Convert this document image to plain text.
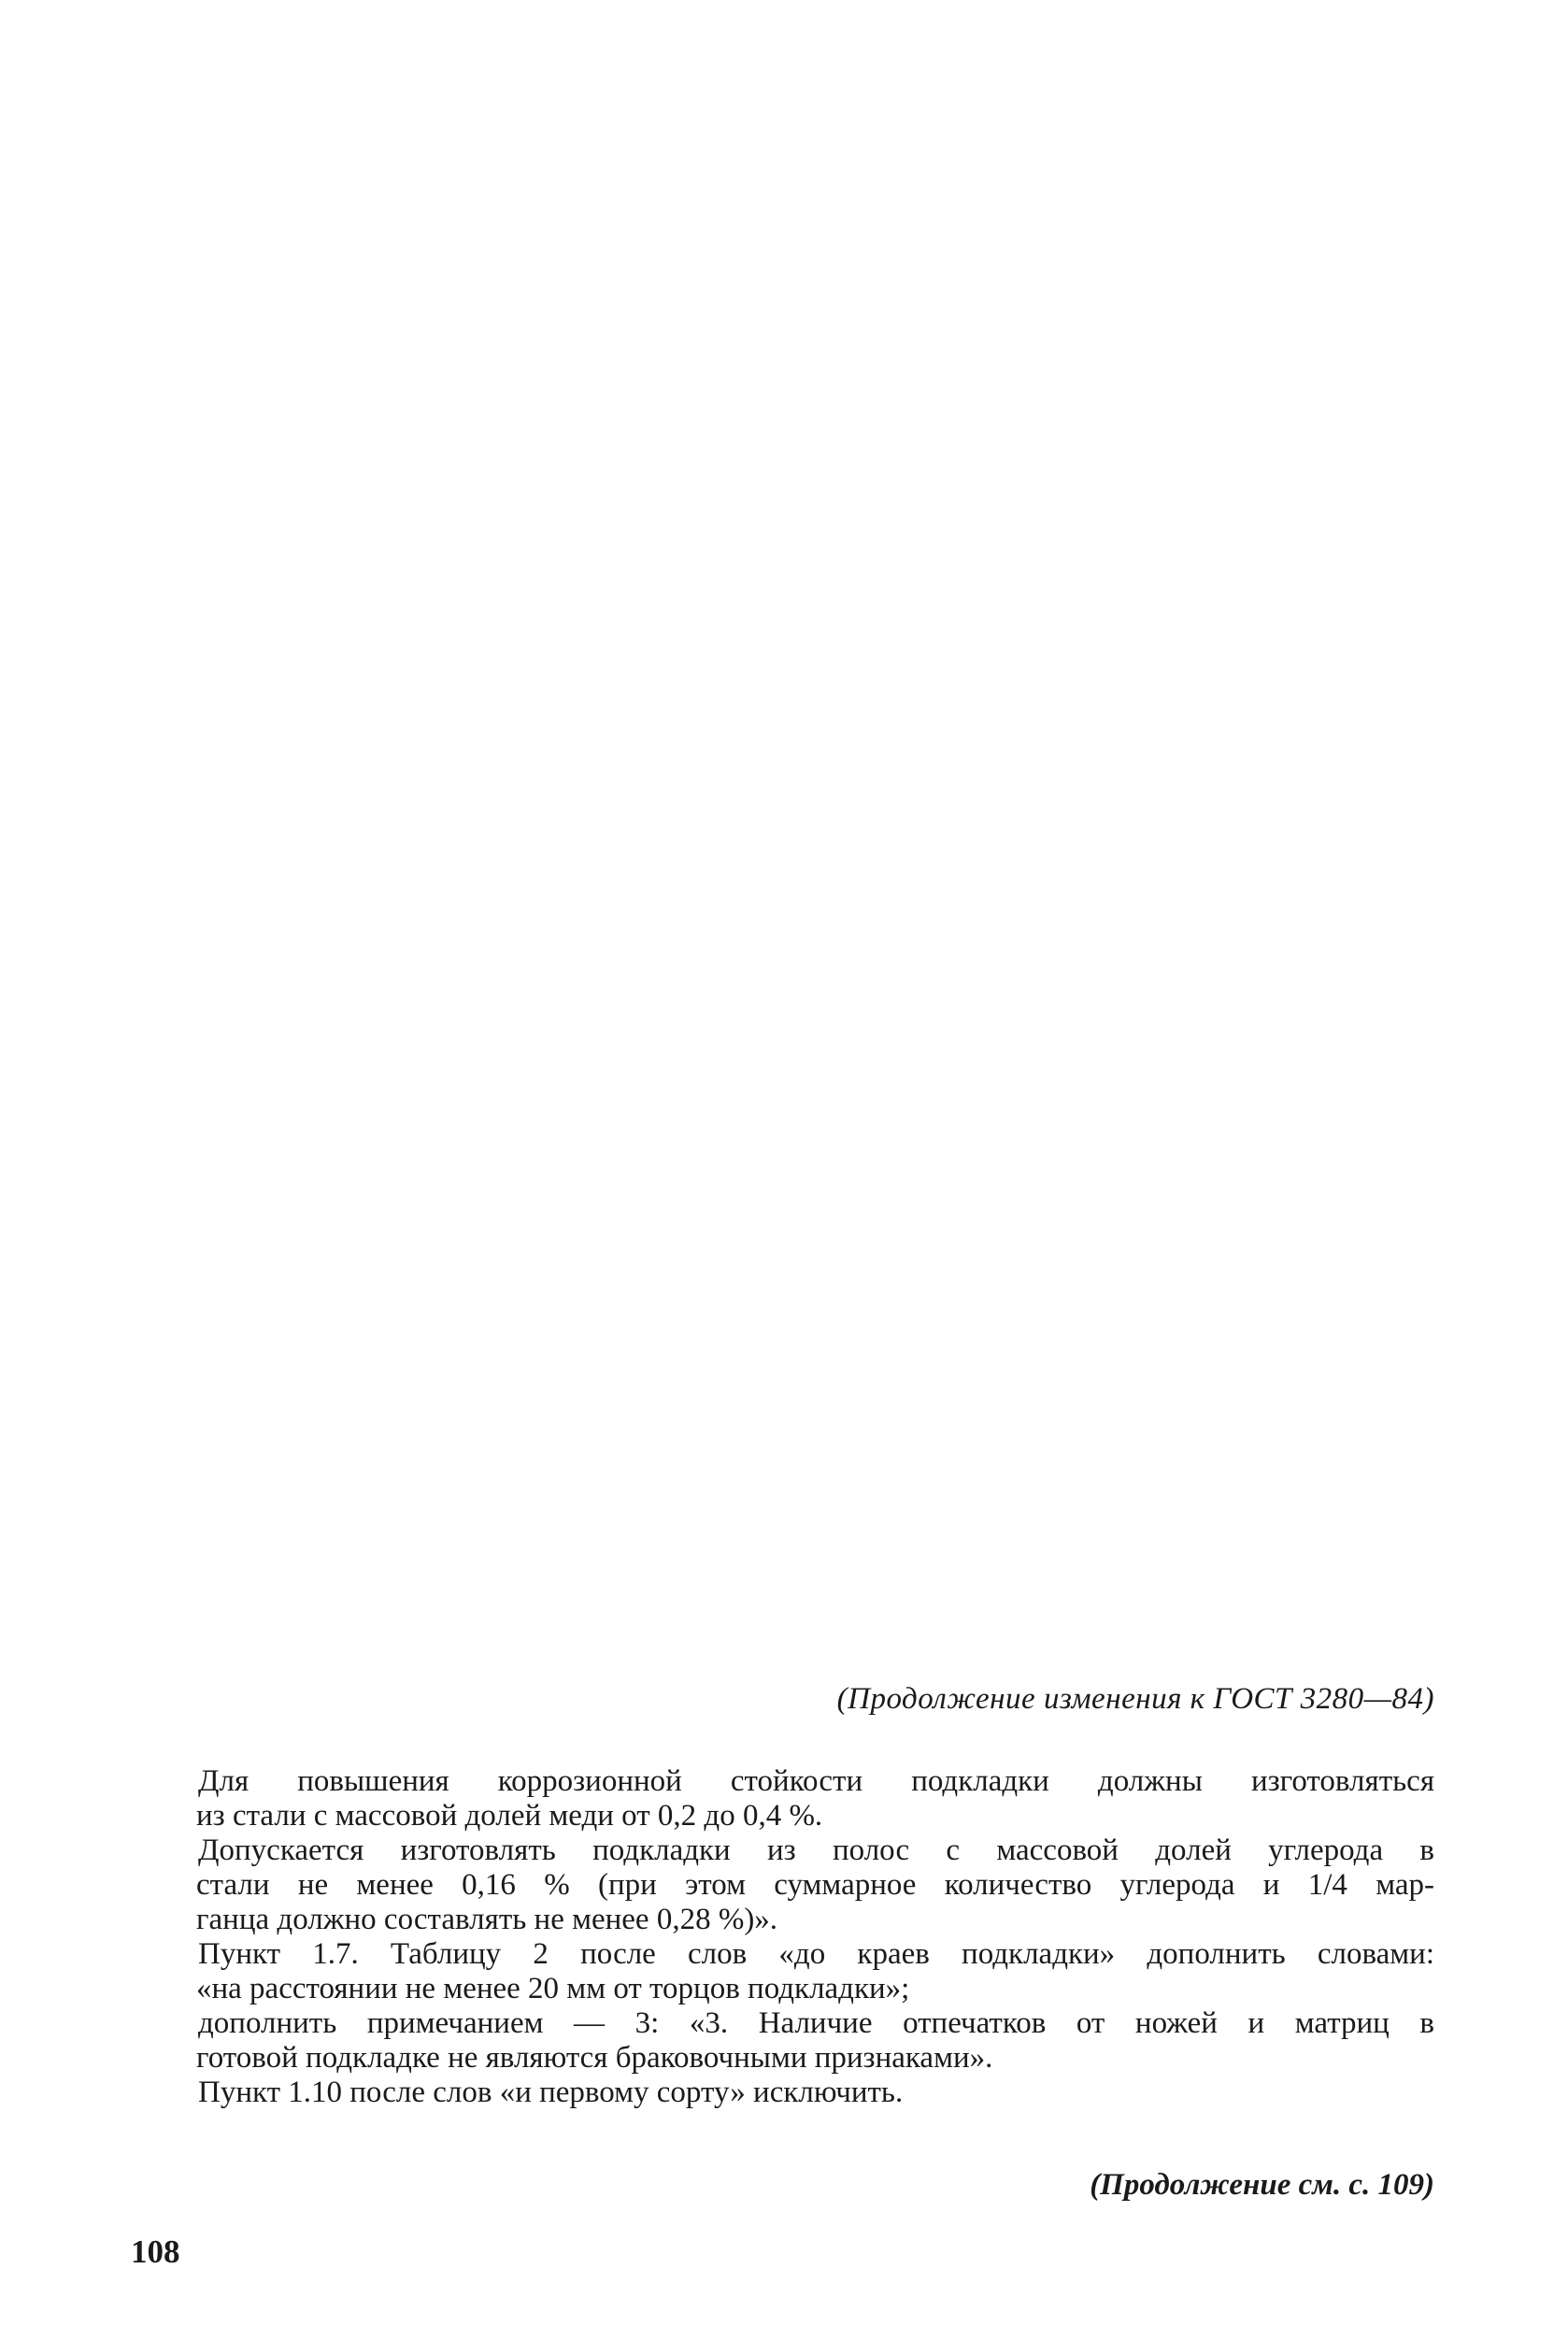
(Продолжение изменения к ГОСТ 3280—84)
Для повышения коррозионной стойкости подкладки должны изготовляться
из стали с массовой долей меди от 0,2 до 0,4 %.
Допускается изготовлять подкладки из полос с массовой долей углерода в
стали не менее 0,16 % (при этом суммарное количество углерода и 1/4 мар-
ганца должно составлять не менее 0,28 %)».
Пункт 1.7. Таблицу 2 после слов «до краев подкладки» дополнить словами:
«на расстоянии не менее 20 мм от торцов подкладки»;
дополнить примечанием — 3: «3. Наличие отпечатков от ножей и матриц в
готовой подкладке не являются браковочными признаками».
Пункт 1.10 после слов «и первому сорту» исключить.
(Продолжение см. с. 109)
108
